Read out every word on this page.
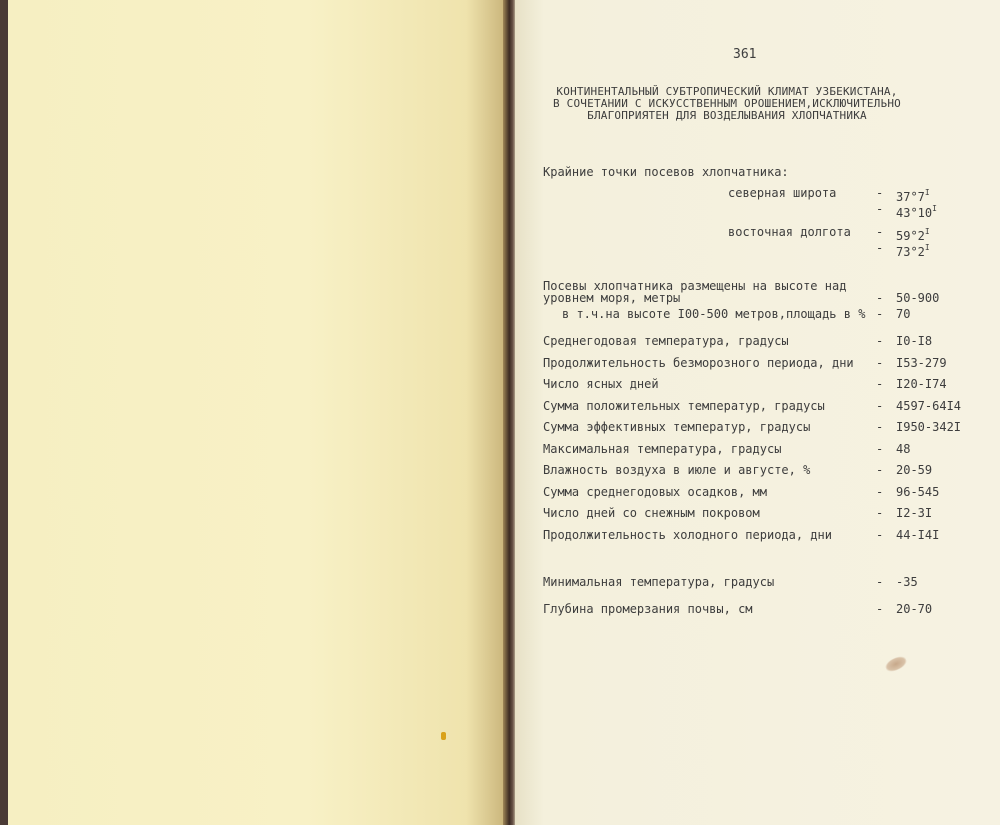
361
КОНТИНЕНТАЛЬНЫЙ СУБТРОПИЧЕСКИЙ КЛИМАТ УЗБЕКИСТАНА,
В СОЧЕТАНИИ С ИСКУССТВЕННЫМ ОРОШЕНИЕМ,ИСКЛЮЧИТЕЛЬНО
БЛАГОПРИЯТЕН ДЛЯ ВОЗДЕЛЫВАНИЯ ХЛОПЧАТНИКА
Крайние точки посевов хлопчатника:
северная широта	- $37^\circ 7^I$
- $43^\circ 10^I$
восточная долгота - $59^\circ 2^I$
- $73^\circ 2^I$
Посевы хлопчатника размещены на высоте над
уровнем моря, метры	- 50-900
в т.ч.на высоте I00-500 метров,площадь в % - 70
Среднегодовая температура, градусы	- I0-I8
Продолжительность безморозного периода, дни - I53-279
Число ясных дней	- I20-I74
Сумма положительных температур, градусы	- 4597-64I4
Сумма эффективных температур, градусы	- I950-342I
Максимальная температура, градусы	- 48
Влажность воздуха в июле и августе, %	- 20-59
Сумма среднегодовых осадков, мм	- 96-545
Число дней со снежным покровом	- I2-3I
Продолжительность холодного периода, дни	- 44-I4I
Минимальная температура, градусы	- -35
Глубина промерзания почвы, см	- 20-70
